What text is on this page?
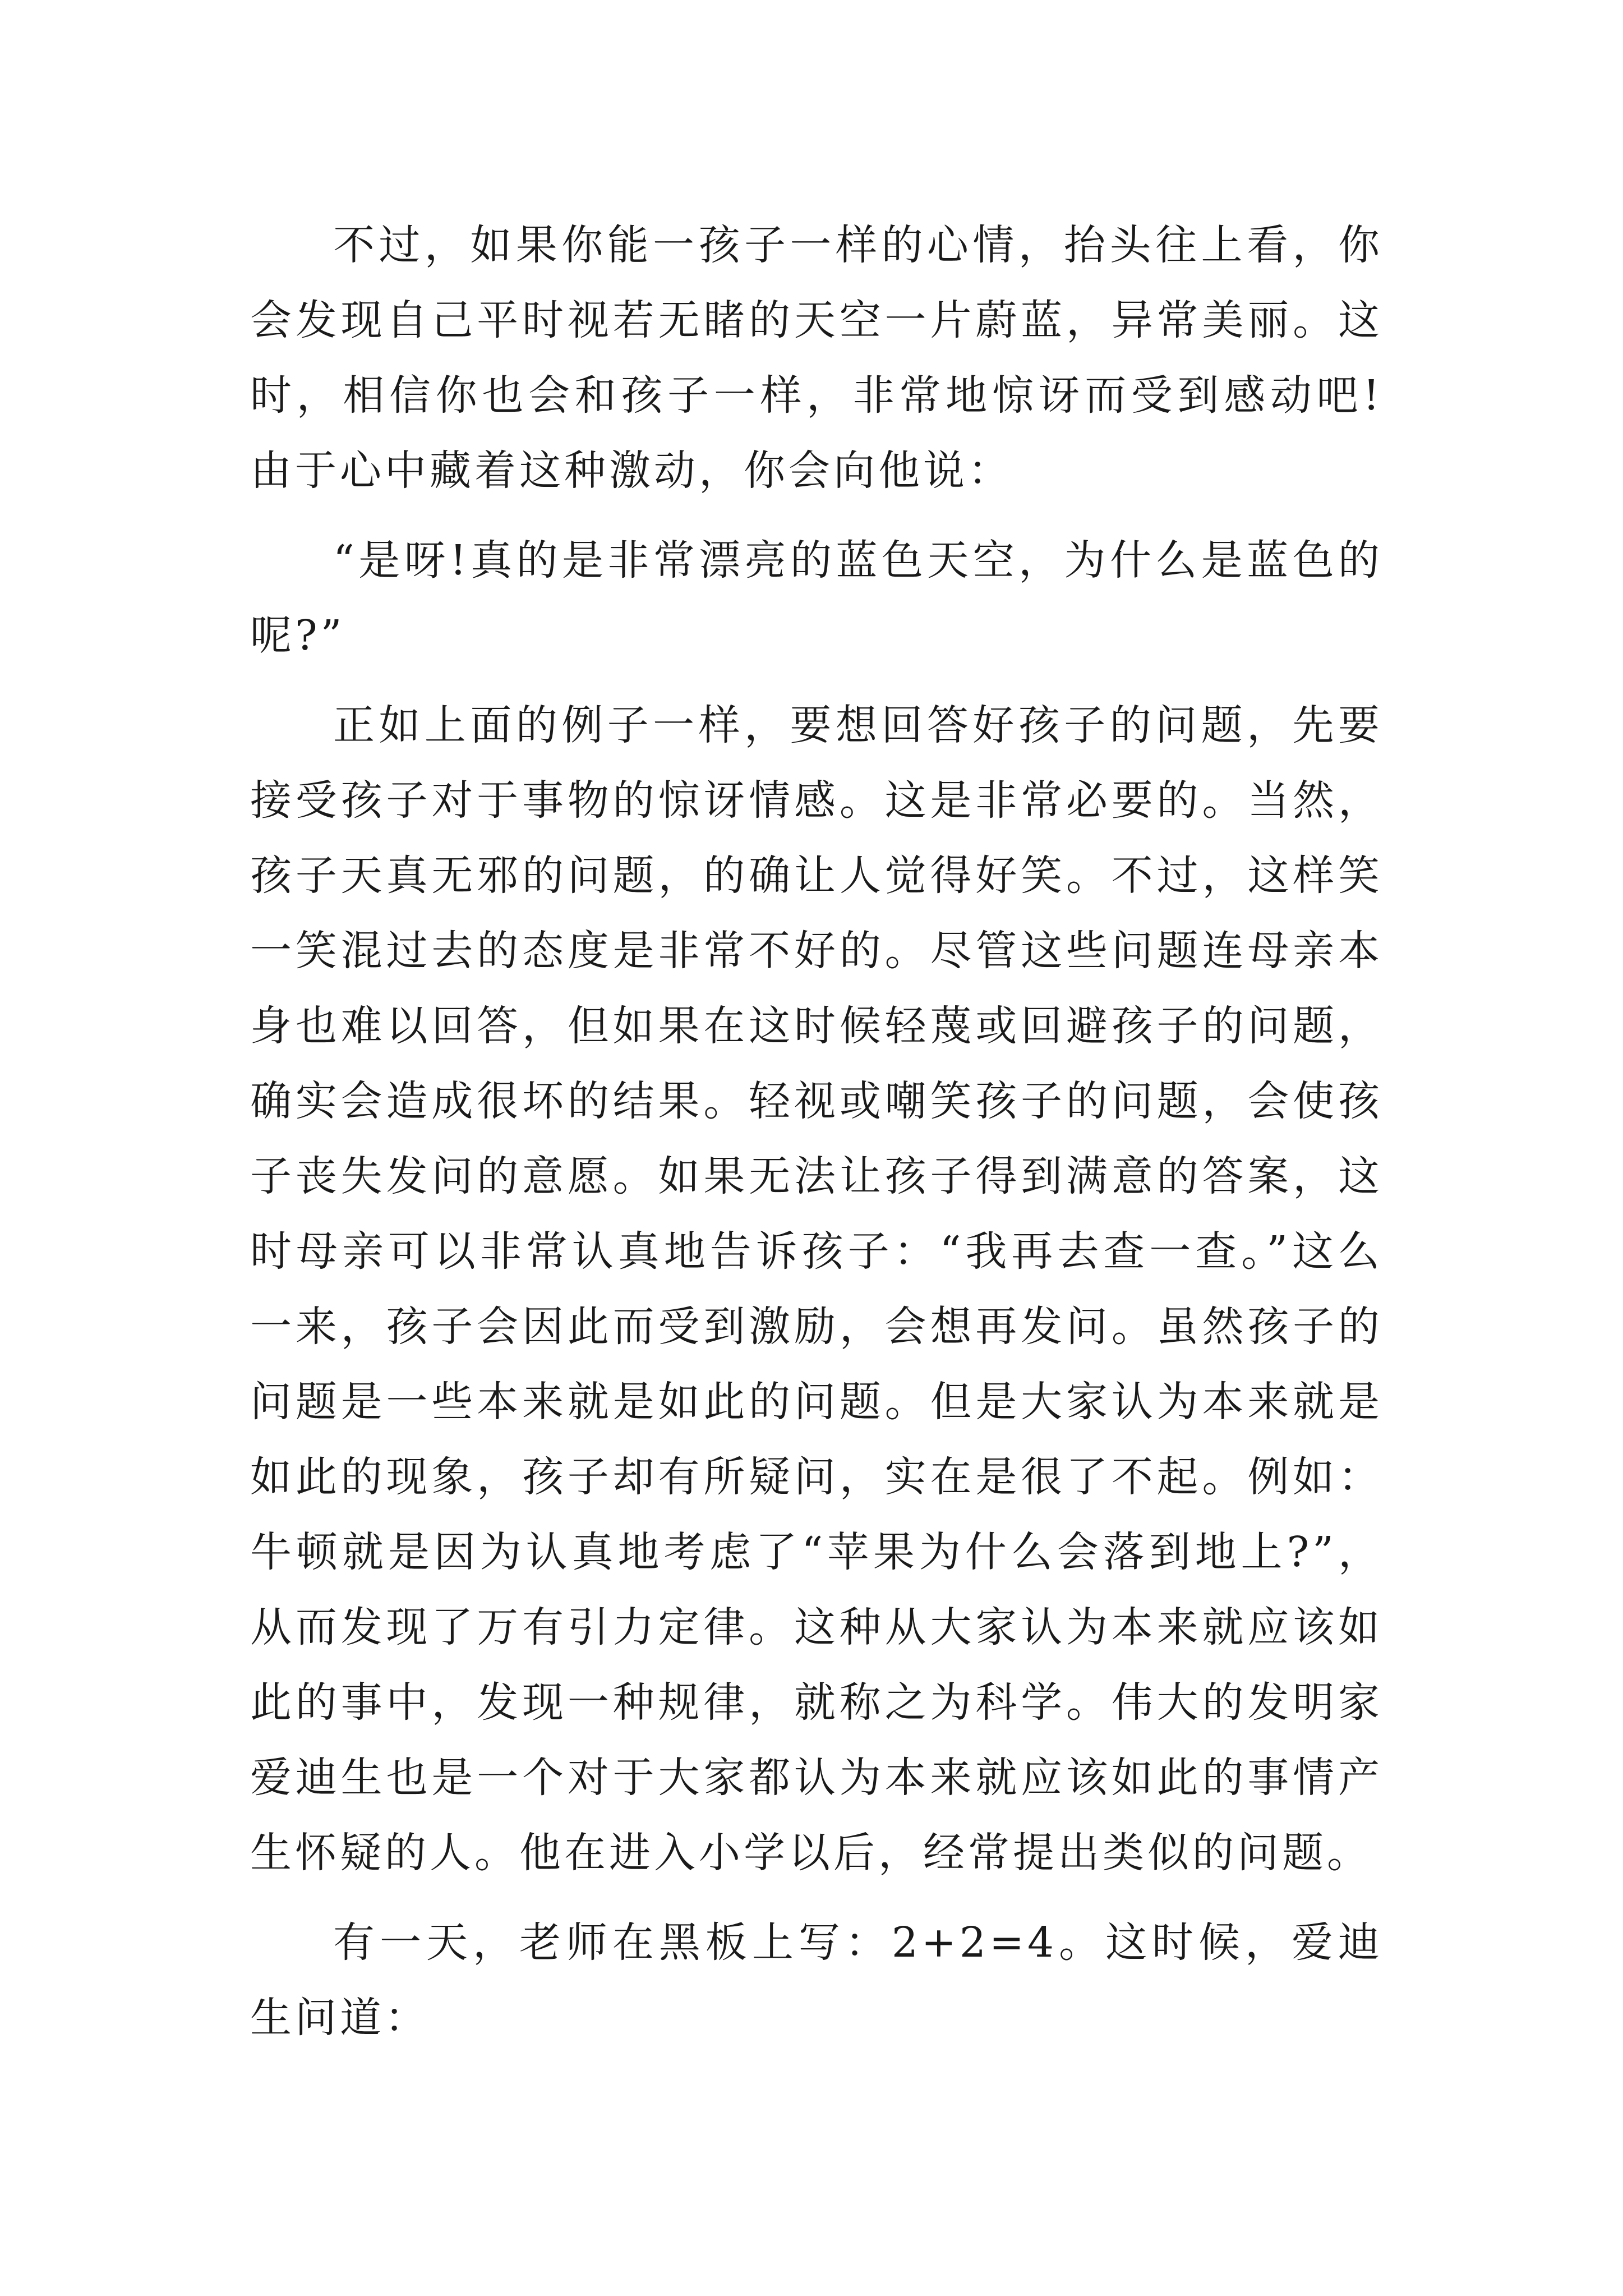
不过，如果你能一孩子一样的心情，抬头往上看，你会发现自己平时视若无睹的天空一片蔚蓝，异常美丽。这时，相信你也会和孩子一样，非常地惊讶而受到感动吧!由于心中藏着这种激动，你会向他说：

“是呀!真的是非常漂亮的蓝色天空，为什么是蓝色的呢?”

正如上面的例子一样，要想回答好孩子的问题，先要接受孩子对于事物的惊讶情感。这是非常必要的。当然，孩子天真无邪的问题，的确让人觉得好笑。不过，这样笑一笑混过去的态度是非常不好的。尽管这些问题连母亲本身也难以回答，但如果在这时候轻蔑或回避孩子的问题，确实会造成很坏的结果。轻视或嘲笑孩子的问题，会使孩子丧失发问的意愿。如果无法让孩子得到满意的答案，这时母亲可以非常认真地告诉孩子：“我再去查一查。”这么一来，孩子会因此而受到激励，会想再发问。虽然孩子的问题是一些本来就是如此的问题。但是大家认为本来就是如此的现象，孩子却有所疑问，实在是很了不起。例如：牛顿就是因为认真地考虑了“苹果为什么会落到地上?”，从而发现了万有引力定律。这种从大家认为本来就应该如此的事中，发现一种规律，就称之为科学。伟大的发明家爱迪生也是一个对于大家都认为本来就应该如此的事情产生怀疑的人。他在进入小学以后，经常提出类似的问题。

有一天，老师在黑板上写：2+2=4。这时候，爱迪生问道：
